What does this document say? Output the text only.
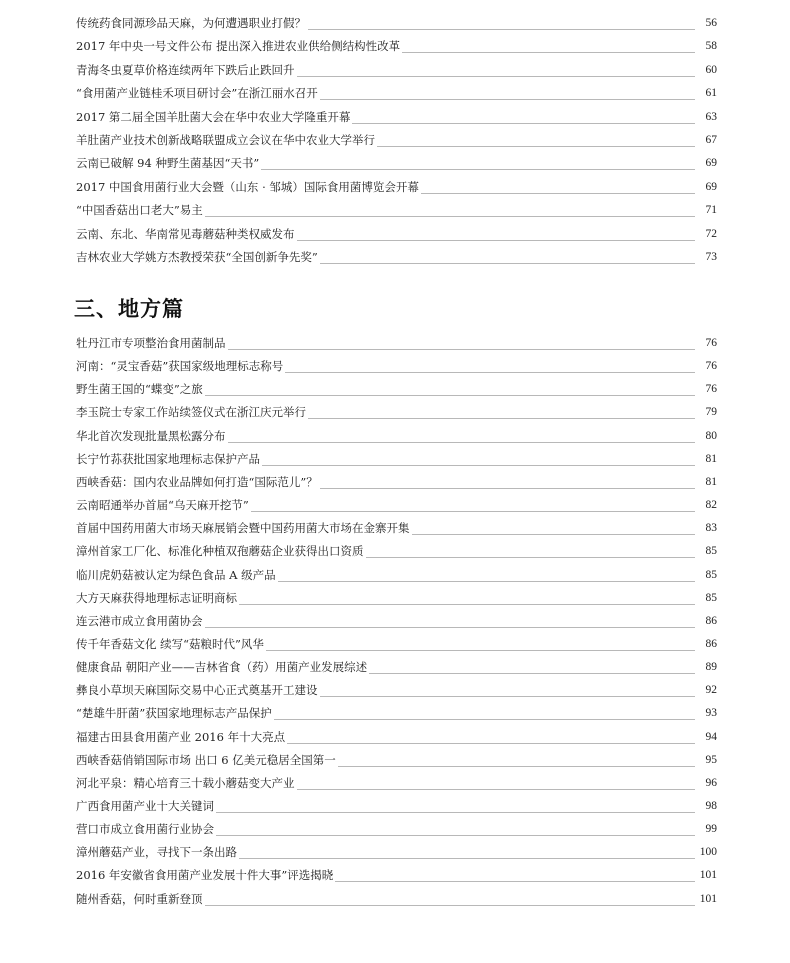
传统药食同源珍品天麻，为何遭遇职业打假？	56
2017 年中央一号文件公布 提出深入推进农业供给侧结构性改革	58
青海冬虫夏草价格连续两年下跌后止跌回升	60
“食用菌产业链桂禾项目研讨会”在浙江丽水召开	61
2017 第二届全国羊肚菌大会在华中农业大学隆重开幕	63
羊肚菌产业技术创新战略联盟成立会议在华中农业大学举行	67
云南已破解 94 种野生菌基因“天书”	69
2017 中国食用菌行业大会暨（山东 · 邹城）国际食用菌博览会开幕	69
“中国香菇出口老大”易主	71
云南、东北、华南常见毒蘑菇种类权威发布	72
吉林农业大学姚方杰教授荣获“全国创新争先奖”	73
三、地方篇
牡丹江市专项整治食用菌制品	76
河南：“灵宝香菇”获国家级地理标志称号	76
野生菌王国的“蝶变”之旅	76
李玉院士专家工作站续签仪式在浙江庆元举行	79
华北首次发现批量黑松露分布	80
长宁竹荪获批国家地理标志保护产品	81
西峡香菇：国内农业品牌如何打造“国际范儿”？	81
云南昭通举办首届“乌天麻开挖节”	82
首届中国药用菌大市场天麻展销会暨中国药用菌大市场在金寨开集	83
漳州首家工厂化、标准化种植双孢蘑菇企业获得出口资质	85
临川虎奶菇被认定为绿色食品 A 级产品	85
大方天麻获得地理标志证明商标	85
连云港市成立食用菌协会	86
传千年香菇文化 续写“菇粮时代”风华	86
健康食品 朝阳产业——吉林省食（药）用菌产业发展综述	89
彝良小草坝天麻国际交易中心正式奠基开工建设	92
“楚雄牛肝菌”获国家地理标志产品保护	93
福建古田县食用菌产业 2016 年十大亮点	94
西峡香菇俏销国际市场 出口 6 亿美元稳居全国第一	95
河北平泉：精心培育三十载小蘑菇变大产业	96
广西食用菌产业十大关键词	98
营口市成立食用菌行业协会	99
漳州蘑菇产业，寻找下一条出路	100
2016 年安徽省食用菌产业发展十件大事”评选揭晓	101
随州香菇，何时重新登顶	101
